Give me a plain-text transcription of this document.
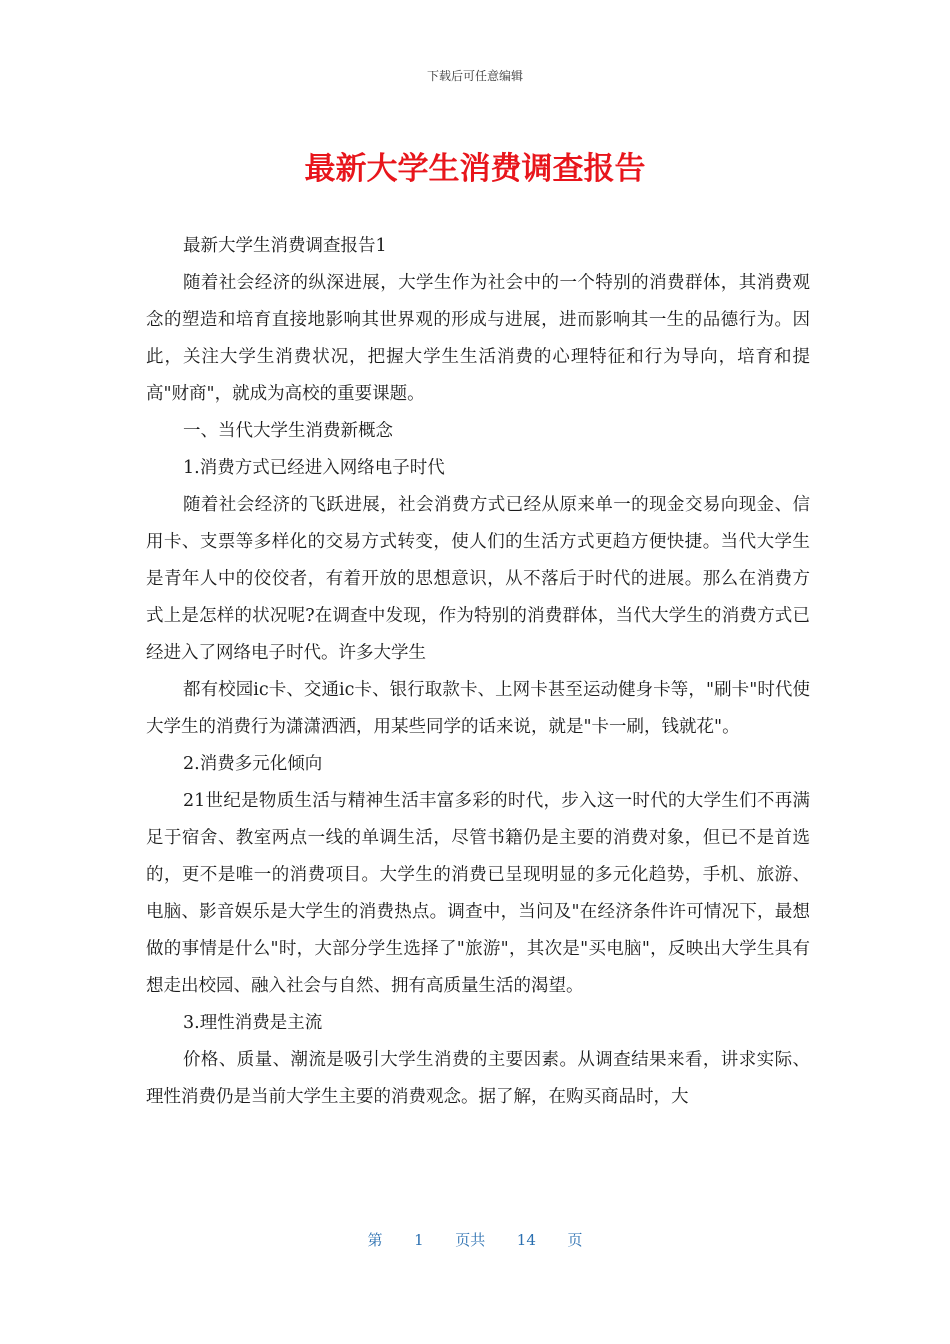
下载后可任意编辑
最新大学生消费调查报告

最新大学生消费调查报告1

随着社会经济的纵深进展，大学生作为社会中的一个特别的消费群体，其消费观念的塑造和培育直接地影响其世界观的形成与进展，进而影响其一生的品德行为。因此，关注大学生消费状况，把握大学生生活消费的心理特征和行为导向，培育和提高"财商"，就成为高校的重要课题。

一、当代大学生消费新概念

1.消费方式已经进入网络电子时代

随着社会经济的飞跃进展，社会消费方式已经从原来单一的现金交易向现金、信用卡、支票等多样化的交易方式转变，使人们的生活方式更趋方便快捷。当代大学生是青年人中的佼佼者，有着开放的思想意识，从不落后于时代的进展。那么在消费方式上是怎样的状况呢?在调查中发现，作为特别的消费群体，当代大学生的消费方式已经进入了网络电子时代。许多大学生

都有校园ic卡、交通ic卡、银行取款卡、上网卡甚至运动健身卡等，"刷卡"时代使大学生的消费行为潇潇洒洒，用某些同学的话来说，就是"卡一刷，钱就花"。

2.消费多元化倾向

21世纪是物质生活与精神生活丰富多彩的时代，步入这一时代的大学生们不再满足于宿舍、教室两点一线的单调生活，尽管书籍仍是主要的消费对象，但已不是首选的，更不是唯一的消费项目。大学生的消费已呈现明显的多元化趋势，手机、旅游、电脑、影音娱乐是大学生的消费热点。调查中，当问及"在经济条件许可情况下，最想做的事情是什么"时，大部分学生选择了"旅游"，其次是"买电脑"，反映出大学生具有想走出校园、融入社会与自然、拥有高质量生活的渴望。

3.理性消费是主流

价格、质量、潮流是吸引大学生消费的主要因素。从调查结果来看，讲求实际、理性消费仍是当前大学生主要的消费观念。据了解，在购买商品时，大

第 1 页共 14 页
